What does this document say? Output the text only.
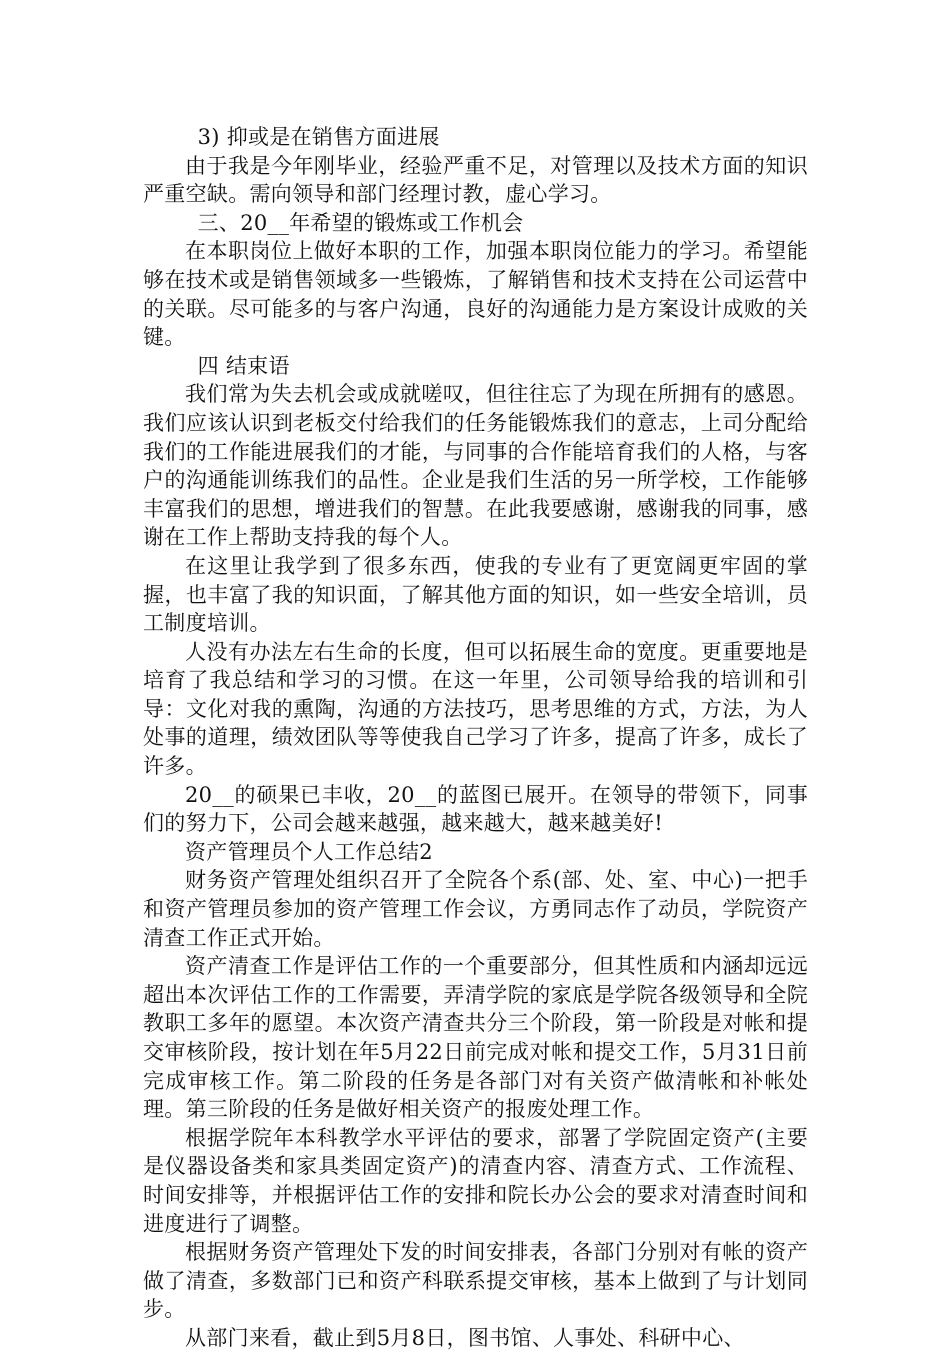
3) 抑或是在销售方面进展

由于我是今年刚毕业，经验严重不足，对管理以及技术方面的知识严重空缺。需向领导和部门经理讨教，虚心学习。

三、20__年希望的锻炼或工作机会

在本职岗位上做好本职的工作，加强本职岗位能力的学习。希望能够在技术或是销售领域多一些锻炼，了解销售和技术支持在公司运营中的关联。尽可能多的与客户沟通，良好的沟通能力是方案设计成败的关键。

四 结束语

我们常为失去机会或成就嗟叹，但往往忘了为现在所拥有的感恩。我们应该认识到老板交付给我们的任务能锻炼我们的意志，上司分配给我们的工作能进展我们的才能，与同事的合作能培育我们的人格，与客户的沟通能训练我们的品性。企业是我们生活的另一所学校，工作能够丰富我们的思想，增进我们的智慧。在此我要感谢，感谢我的同事，感谢在工作上帮助支持我的每个人。

在这里让我学到了很多东西，使我的专业有了更宽阔更牢固的掌握，也丰富了我的知识面，了解其他方面的知识，如一些安全培训，员工制度培训。

人没有办法左右生命的长度，但可以拓展生命的宽度。更重要地是培育了我总结和学习的习惯。在这一年里，公司领导给我的培训和引导：文化对我的熏陶，沟通的方法技巧，思考思维的方式，方法，为人处事的道理，绩效团队等等使我自己学习了许多，提高了许多，成长了许多。

20__的硕果已丰收，20__的蓝图已展开。在领导的带领下，同事们的努力下，公司会越来越强，越来越大，越来越美好!

资产管理员个人工作总结2

财务资产管理处组织召开了全院各个系(部、处、室、中心)一把手和资产管理员参加的资产管理工作会议，方勇同志作了动员，学院资产清查工作正式开始。

资产清查工作是评估工作的一个重要部分，但其性质和内涵却远远超出本次评估工作的工作需要，弄清学院的家底是学院各级领导和全院教职工多年的愿望。本次资产清查共分三个阶段，第一阶段是对帐和提交审核阶段，按计划在年5月22日前完成对帐和提交工作，5月31日前完成审核工作。第二阶段的任务是各部门对有关资产做清帐和补帐处理。第三阶段的任务是做好相关资产的报废处理工作。

根据学院年本科教学水平评估的要求，部署了学院固定资产(主要是仪器设备类和家具类固定资产)的清查内容、清查方式、工作流程、时间安排等，并根据评估工作的安排和院长办公会的要求对清查时间和进度进行了调整。

根据财务资产管理处下发的时间安排表，各部门分别对有帐的资产做了清查，多数部门已和资产科联系提交审核，基本上做到了与计划同步。

从部门来看，截止到5月8日，图书馆、人事处、科研中心、
